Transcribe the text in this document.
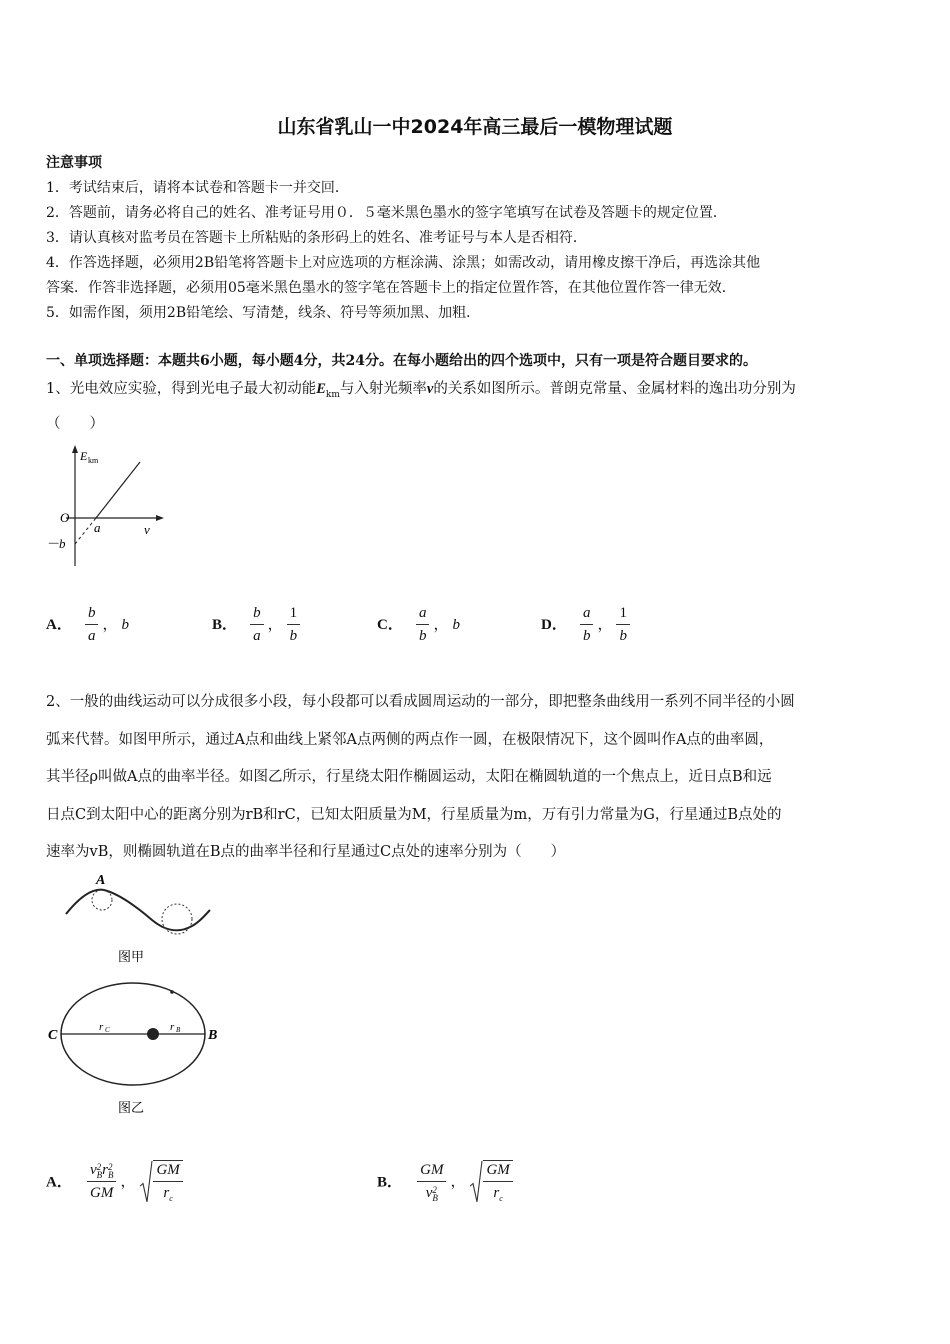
山东省乳山一中2024年高三最后一模物理试题
注意事项
1．考试结束后，请将本试卷和答题卡一并交回．
2．答题前，请务必将自己的姓名、准考证号用０．５毫米黑色墨水的签字笔填写在试卷及答题卡的规定位置．
3．请认真核对监考员在答题卡上所粘贴的条形码上的姓名、准考证号与本人是否相符．
4．作答选择题，必须用2B铅笔将答题卡上对应选项的方框涂满、涂黑；如需改动，请用橡皮擦干净后，再选涂其他
答案．作答非选择题，必须用05毫米黑色墨水的签字笔在答题卡上的指定位置作答，在其他位置作答一律无效．
5．如需作图，须用2B铅笔绘、写清楚，线条、符号等须加黑、加粗．
一、单项选择题：本题共6小题，每小题4分，共24分。在每小题给出的四个选项中，只有一项是符合题目要求的。
1、光电效应实验，得到光电子最大初动能$E_{km}$与入射光频率ν的关系如图所示。普朗克常量、金属材料的逸出功分别为
（　　）
E km
O
a	ν
－b
A． $\frac{b}{a}$ ， b	B． $\frac{b}{a}$ ， $\frac{1}{b}$	C． $\frac{a}{b}$ ， b	D． $\frac{a}{b}$ ， $\frac{1}{b}$
2、一般的曲线运动可以分成很多小段，每小段都可以看成圆周运动的一部分，即把整条曲线用一系列不同半径的小圆
弧来代替。如图甲所示，通过A点和曲线上紧邻A点两侧的两点作一圆，在极限情况下，这个圆叫作A点的曲率圆，
其半径ρ叫做A点的曲率半径。如图乙所示，行星绕太阳作椭圆运动，太阳在椭圆轨道的一个焦点上，近日点B和远
日点C到太阳中心的距离分别为rB和rC，已知太阳质量为M，行星质量为m，万有引力常量为G，行星通过B点处的
速率为vB，则椭圆轨道在B点的曲率半径和行星通过C点处的速率分别为（　　）
A
图甲
C	B
r C	r B
图乙
A． v 2
B r 2
B
GM ， $\frac{GM}{r_c}$	B． GM
v 2
B ， $\frac{GM}{r_c}$
